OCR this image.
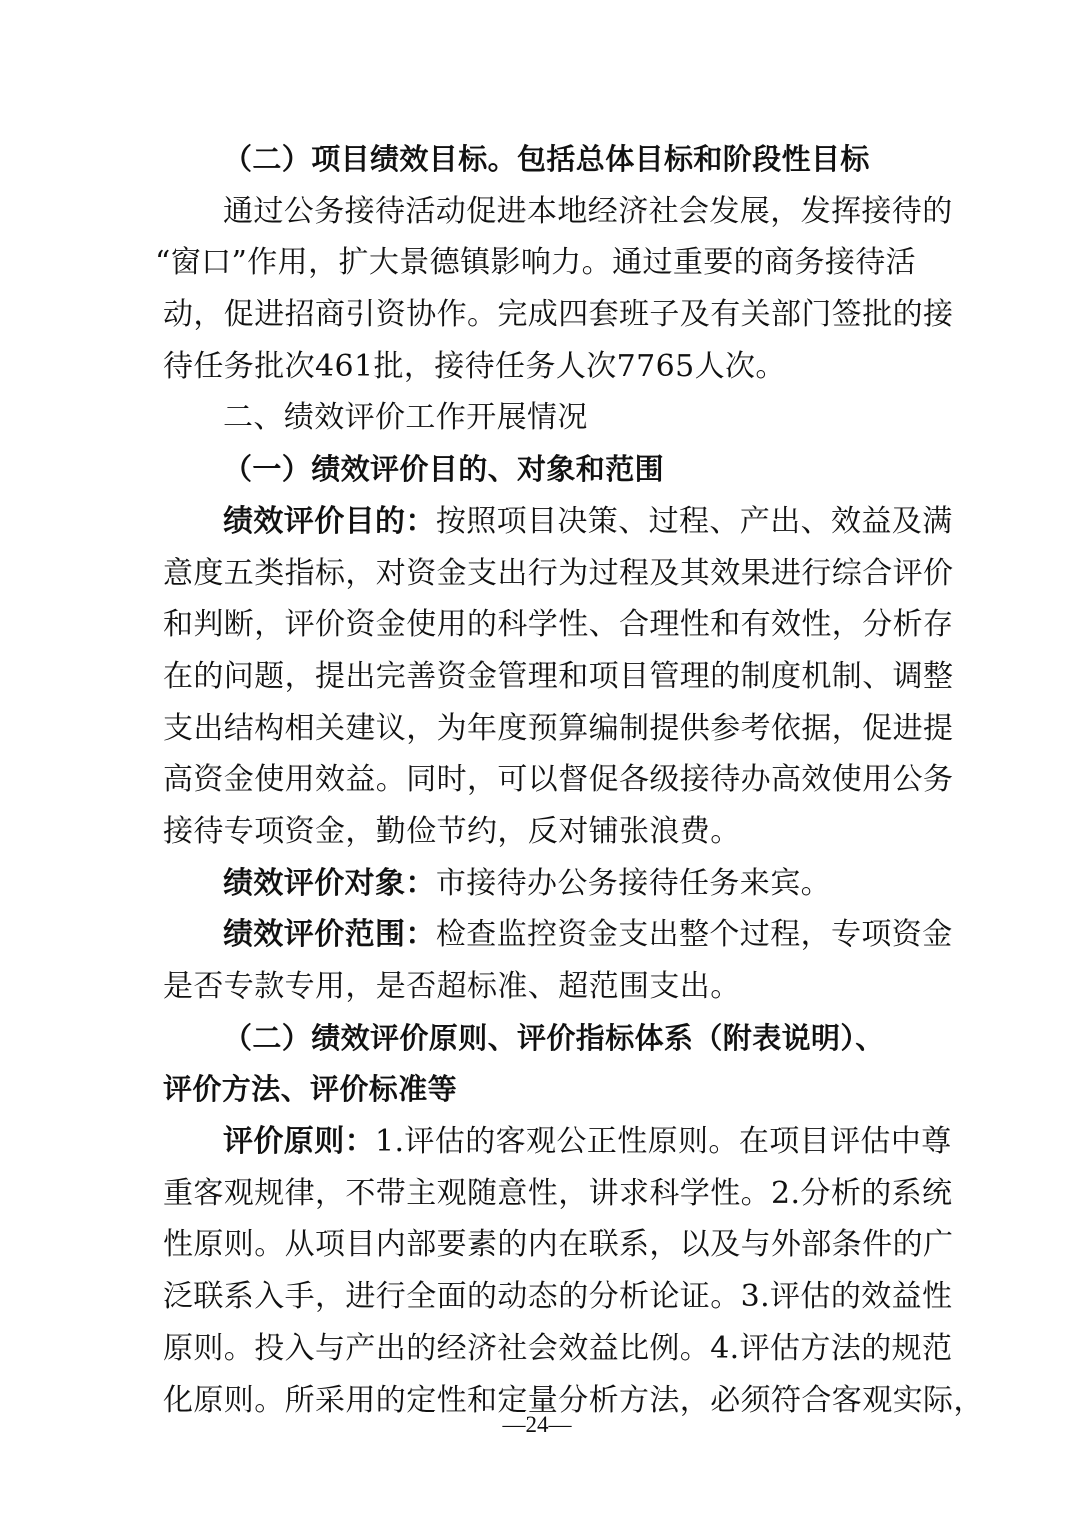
（二）项目绩效目标。包括总体目标和阶段性目标
通过公务接待活动促进本地经济社会发展，发挥接待的
“窗口”作用，扩大景德镇影响力。通过重要的商务接待活
动，促进招商引资协作。完成四套班子及有关部门签批的接
待任务批次461批，接待任务人次7765人次。
二、绩效评价工作开展情况
（一）绩效评价目的、对象和范围
绩效评价目的：按照项目决策、过程、产出、效益及满
意度五类指标，对资金支出行为过程及其效果进行综合评价
和判断，评价资金使用的科学性、合理性和有效性，分析存
在的问题，提出完善资金管理和项目管理的制度机制、调整
支出结构相关建议，为年度预算编制提供参考依据，促进提
高资金使用效益。同时，可以督促各级接待办高效使用公务
接待专项资金，勤俭节约，反对铺张浪费。
绩效评价对象：市接待办公务接待任务来宾。
绩效评价范围：检查监控资金支出整个过程，专项资金
是否专款专用，是否超标准、超范围支出。
（二）绩效评价原则、评价指标体系（附表说明）、
评价方法、评价标准等
评价原则：1.评估的客观公正性原则。在项目评估中尊
重客观规律，不带主观随意性，讲求科学性。2.分析的系统
性原则。从项目内部要素的内在联系，以及与外部条件的广
泛联系入手，进行全面的动态的分析论证。3.评估的效益性
原则。投入与产出的经济社会效益比例。4.评估方法的规范
化原则。所采用的定性和定量分析方法，必须符合客观实际，
—24—
